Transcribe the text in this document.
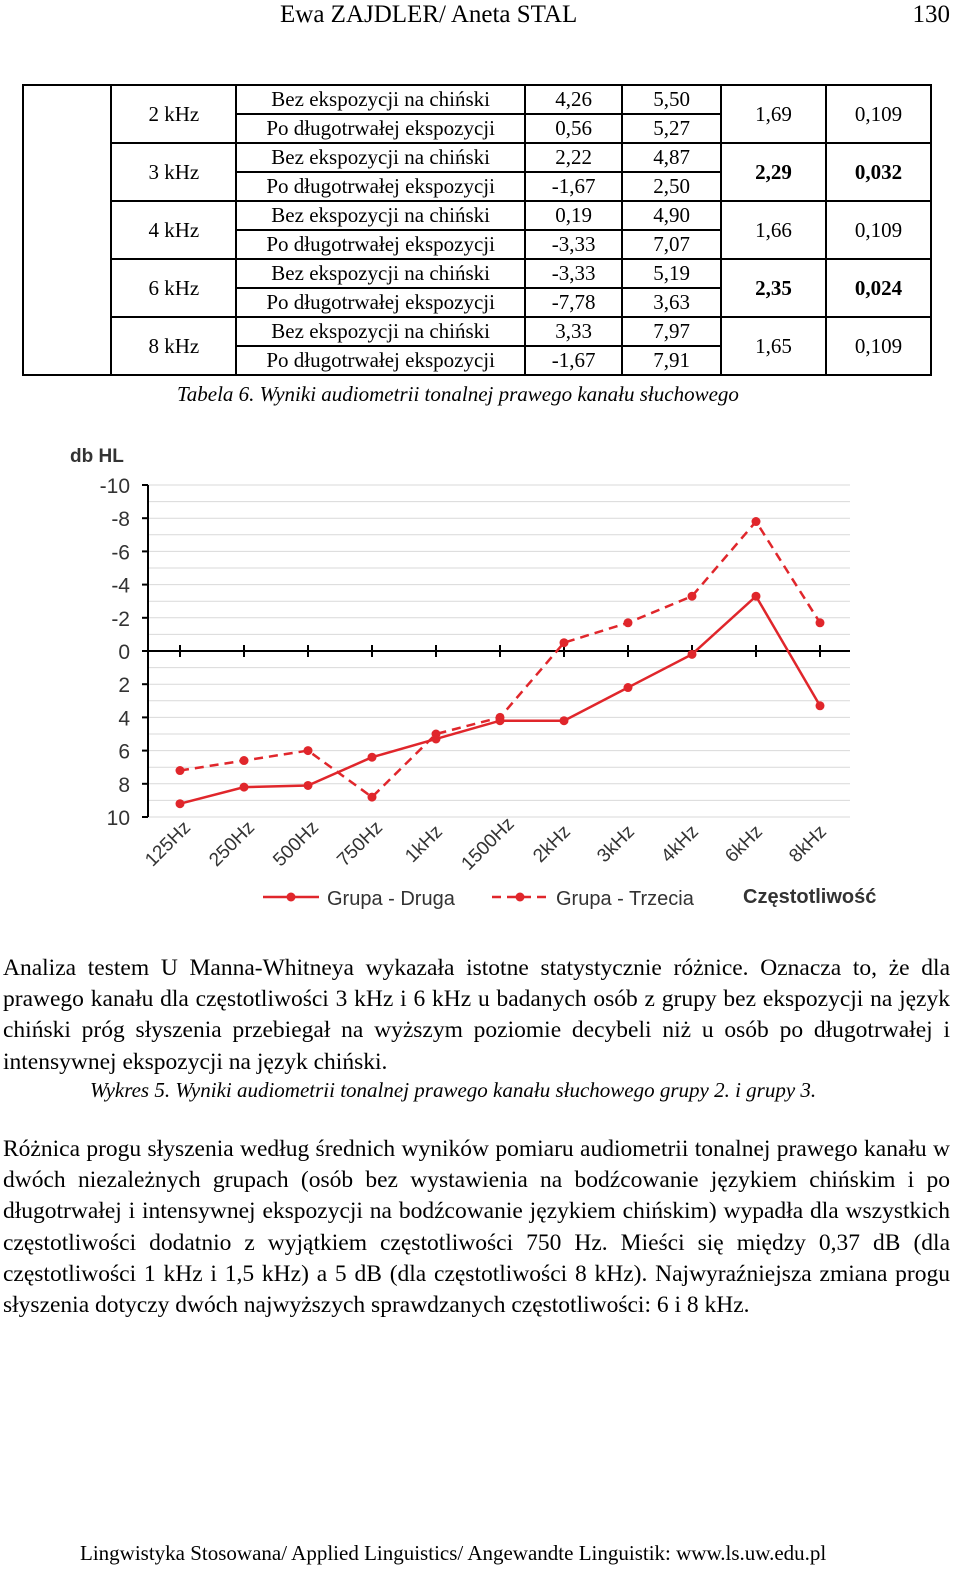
Ewa ZAJDLER/ Aneta STAL	130
	2 kHz	Bez ekspozycji na chiński	4,26	5,50	1,69	0,109
		Po długotrwałej ekspozycji	0,56	5,27		
	3 kHz	Bez ekspozycji na chiński	2,22	4,87	2,29	0,032
		Po długotrwałej ekspozycji	-1,67	2,50		
	4 kHz	Bez ekspozycji na chiński	0,19	4,90	1,66	0,109
		Po długotrwałej ekspozycji	-3,33	7,07		
	6 kHz	Bez ekspozycji na chiński	-3,33	5,19	2,35	0,024
		Po długotrwałej ekspozycji	-7,78	3,63		
	8 kHz	Bez ekspozycji na chiński	3,33	7,97	1,65	0,109
		Po długotrwałej ekspozycji	-1,67	7,91		
Tabela 6. Wyniki audiometrii tonalnej prawego kanału słuchowego
db HL
-10
-8
-6
-4
-2
0
2
4
6
8
10 125Hz 250Hz 500Hz 750Hz 1kHz 1500Hz 2kHz 3kHz 4kHz 6kHz 8kHz
Grupa - Druga	Grupa - Trzecia Częstotliwość

Analiza testem U Manna-Whitneya wykazała istotne statystycznie różnice. Oznacza to, że dla prawego kanału dla częstotliwości 3 kHz i 6 kHz u badanych osób z grupy bez ekspozycji na język chiński próg słyszenia przebiegał na wyższym poziomie decybeli niż u osób po długotrwałej i intensywnej ekspozycji na język chiński.

Wykres 5. Wyniki audiometrii tonalnej prawego kanału słuchowego grupy 2. i grupy 3.

Różnica progu słyszenia według średnich wyników pomiaru audiometrii tonalnej prawego kanału w dwóch niezależnych grupach (osób bez wystawienia na bodźcowanie językiem chińskim i po długotrwałej i intensywnej ekspozycji na bodźcowanie językiem chińskim) wypadła dla wszystkich częstotliwości dodatnio z wyjątkiem częstotliwości 750 Hz. Mieści się między 0,37 dB (dla częstotliwości 1 kHz i 1,5 kHz) a 5 dB (dla częstotliwości 8 kHz). Najwyraźniejsza zmiana progu słyszenia dotyczy dwóch najwyższych sprawdzanych częstotliwości: 6 i 8 kHz.

Lingwistyka Stosowana/ Applied Linguistics/ Angewandte Linguistik: www.ls.uw.edu.pl
